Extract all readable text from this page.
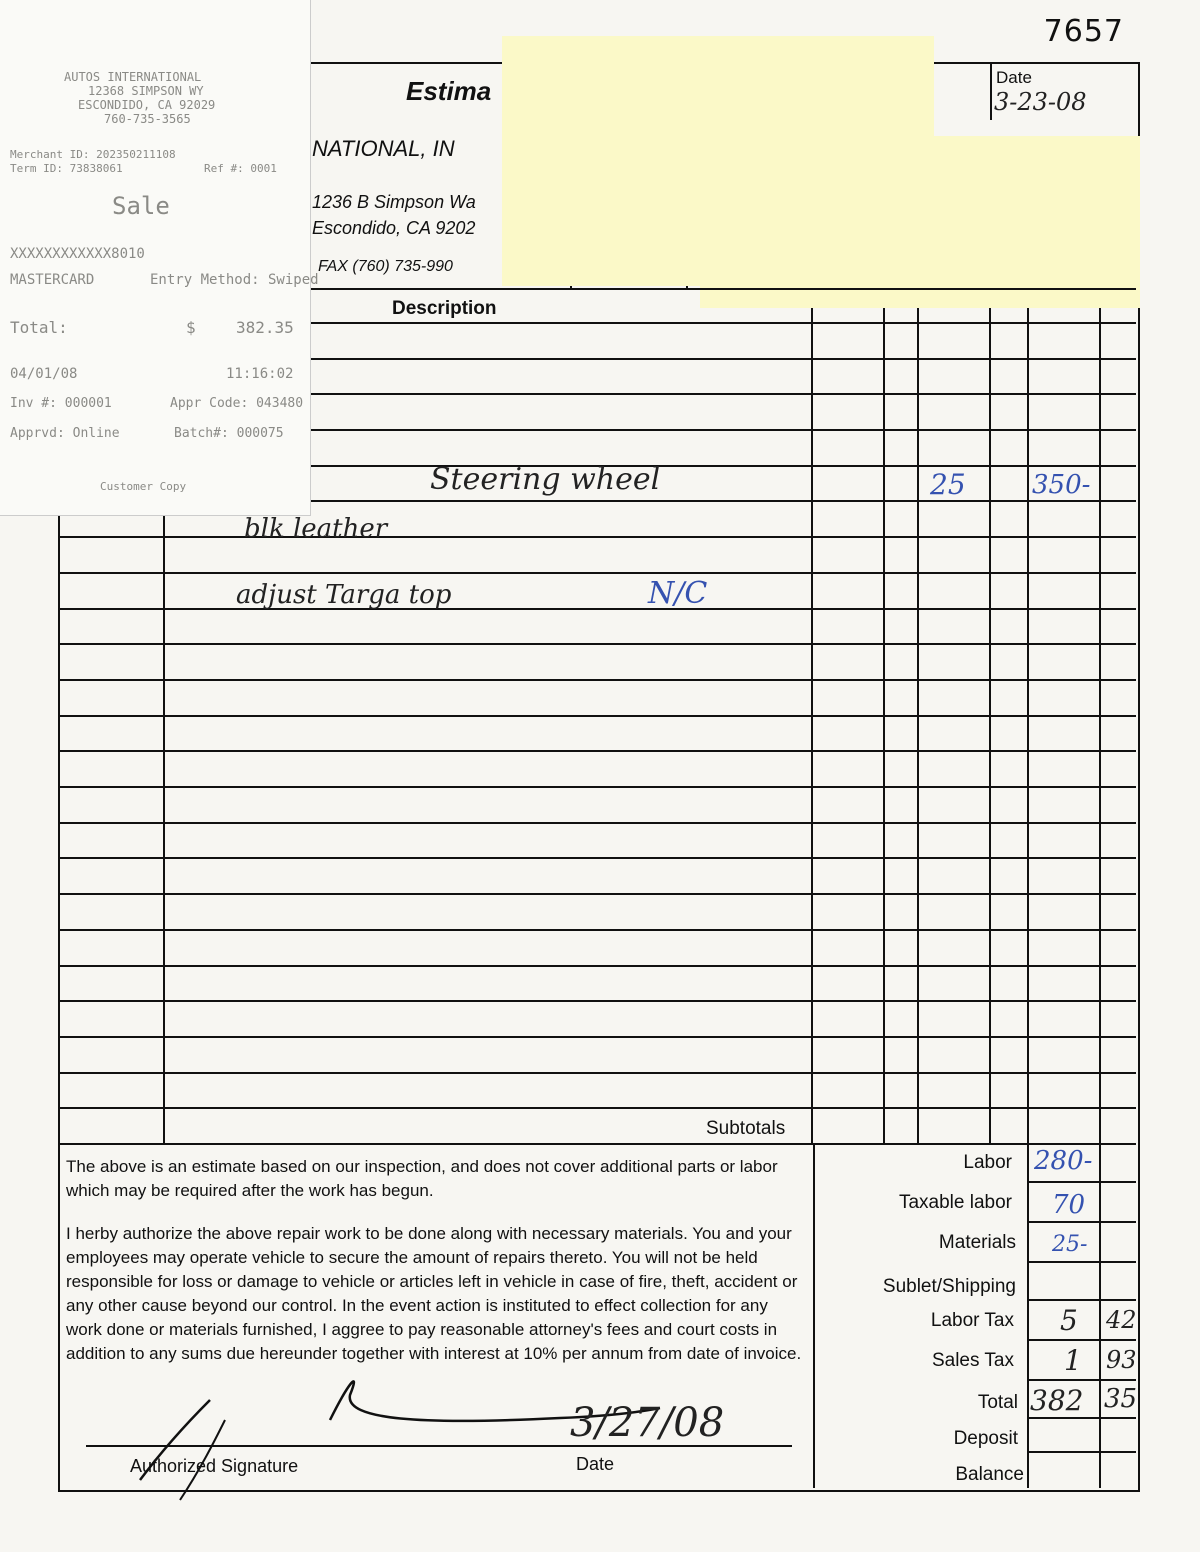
7657
Estima
NATIONAL, IN
1236 B Simpson Wa
Escondido, CA 9202
FAX (760) 735-990
Date
3-23-08
Description
AUTOS INTERNATIONAL
12368 SIMPSON WY
ESCONDIDO, CA 92029
760-735-3565
Merchant ID: 202350211108
Term ID: 73838061	Ref #: 0001
Sale
XXXXXXXXXXXX8010
MASTERCARD	Entry Method: Swiped
Total:	$	382.35
04/01/08	11:16:02
Inv #: 000001	Appr Code: 043480
Apprvd: Online	Batch#: 000075
Customer Copy	Steering wheel	25	350-
blk leather
adjust Targa top	N/C
Subtotals

The above is an estimate based on our inspection, and does not cover additional parts or labor which may be required after the work has begun.

I herby authorize the above repair work to be done along with necessary materials. You and your employees may operate vehicle to secure the amount of repairs thereto. You will not be held responsible for loss or damage to vehicle or articles left in vehicle in case of fire, theft, accident or any other cause beyond our control. In the event action is instituted to effect collection for any work done or materials furnished, I aggree to pay reasonable attorney's fees and court costs in addition to any sums due hereunder together with interest at 10% per annum from date of invoice.

Authorized Signature	Date
3/27/08
Labor 280-
Taxable labor 70
Materials 25-
Sublet/Shipping
Labor Tax 5 42
Sales Tax 1 93
Total 382 35
Deposit
Balance
